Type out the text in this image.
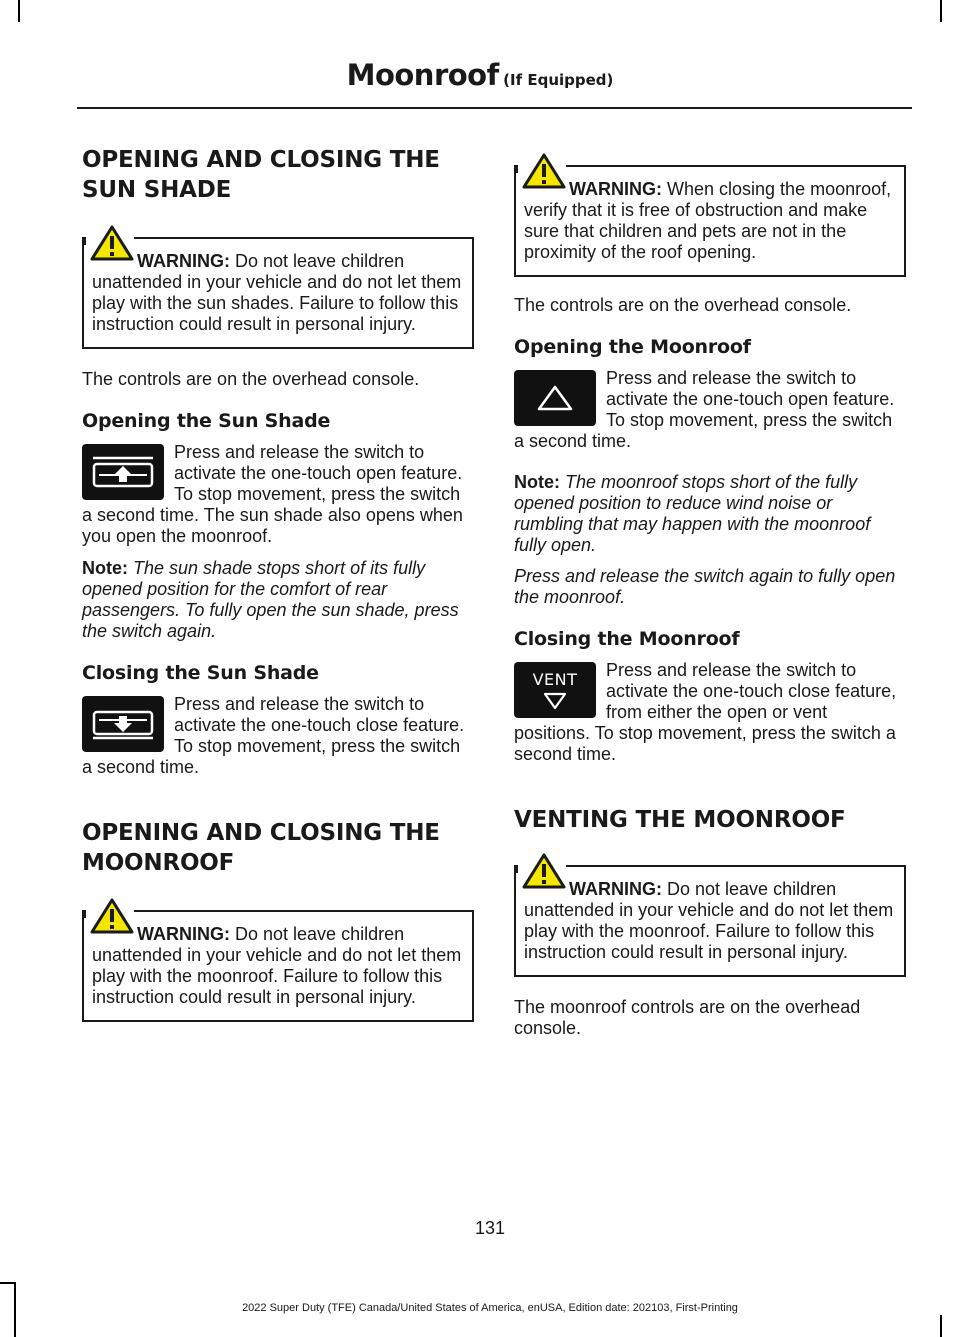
Moonroof (If Equipped)
OPENING AND CLOSING THE
SUN SHADE
WARNING: Do not leave children unattended in your vehicle and do not let them play with the sun shades. Failure to follow this instruction could result in personal injury.

The controls are on the overhead console.

Opening the Sun Shade

Press and release the switch to activate the one-touch open feature. To stop movement, press the switch a second time. The sun shade also opens when you open the moonroof.

Note: The sun shade stops short of its fully opened position for the comfort of rear passengers. To fully open the sun shade, press the switch again.

Closing the Sun Shade

Press and release the switch to activate the one-touch close feature. To stop movement, press the switch a second time.

OPENING AND CLOSING THE
MOONROOF
WARNING: Do not leave children unattended in your vehicle and do not let them play with the moonroof. Failure to follow this instruction could result in personal injury.
WARNING: When closing the moonroof, verify that it is free of obstruction and make sure that children and pets are not in the proximity of the roof opening.

The controls are on the overhead console.

Opening the Moonroof

Press and release the switch to activate the one-touch open feature. To stop movement, press the switch a second time.

Note: The moonroof stops short of the fully opened position to reduce wind noise or rumbling that may happen with the moonroof fully open.

Press and release the switch again to fully open the moonroof.

Closing the Moonroof
VENT	Press and release the switch to activate the one-touch close feature, from either the open or vent positions. To stop movement, press the switch a second time.

VENTING THE MOONROOF
WARNING: Do not leave children unattended in your vehicle and do not let them play with the moonroof. Failure to follow this instruction could result in personal injury.

The moonroof controls are on the overhead console.

131
2022 Super Duty (TFE) Canada/United States of America, enUSA, Edition date: 202103, First-Printing
